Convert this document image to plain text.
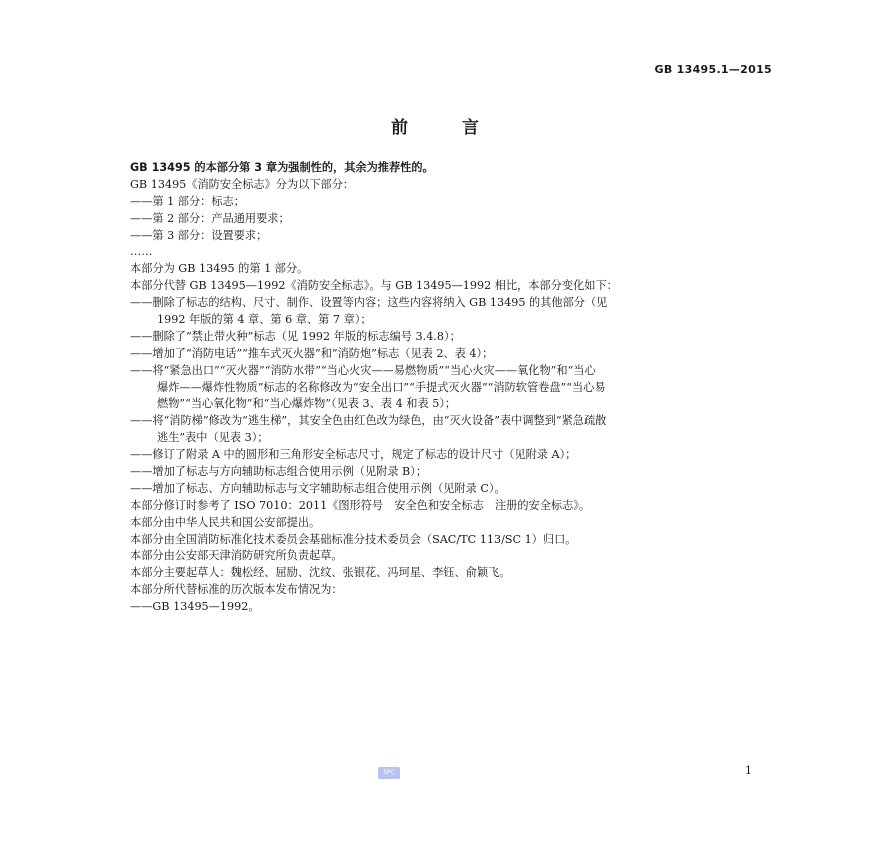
GB 13495.1—2015
前 言
GB 13495 的本部分第 3 章为强制性的，其余为推荐性的。
GB 13495《消防安全标志》分为以下部分：
——第 1 部分：标志；
——第 2 部分：产品通用要求；
——第 3 部分：设置要求；
……
本部分为 GB 13495 的第 1 部分。
本部分代替 GB 13495—1992《消防安全标志》。与 GB 13495—1992 相比，本部分变化如下：
——删除了标志的结构、尺寸、制作、设置等内容；这些内容将纳入 GB 13495 的其他部分（见
1992 年版的第 4 章、第 6 章、第 7 章）；
——删除了“禁止带火种”标志（见 1992 年版的标志编号 3.4.8）；
——增加了“消防电话”“推车式灭火器”和“消防炮”标志（见表 2、表 4）；
——将“紧急出口”“灭火器”“消防水带”“当心火灾——易燃物质”“当心火灾——氧化物”和“当心
爆炸——爆炸性物质”标志的名称修改为“安全出口”“手提式灭火器”“消防软管卷盘”“当心易
燃物”“当心氧化物”和“当心爆炸物”（见表 3、表 4 和表 5）；
——将“消防梯”修改为“逃生梯”，其安全色由红色改为绿色，由“灭火设备”表中调整到“紧急疏散
逃生”表中（见表 3）；
——修订了附录 A 中的圆形和三角形安全标志尺寸，规定了标志的设计尺寸（见附录 A）；
——增加了标志与方向辅助标志组合使用示例（见附录 B）；
——增加了标志、方向辅助标志与文字辅助标志组合使用示例（见附录 C）。
本部分修订时参考了 ISO 7010：2011《图形符号　安全色和安全标志　注册的安全标志》。
本部分由中华人民共和国公安部提出。
本部分由全国消防标准化技术委员会基础标准分技术委员会（SAC/TC 113/SC 1）归口。
本部分由公安部天津消防研究所负责起草。
本部分主要起草人：魏松经、屈励、沈纹、张银花、冯珂星、李钰、俞颖飞。
本部分所代替标准的历次版本发布情况为：
——GB 13495—1992。
SPC	1
